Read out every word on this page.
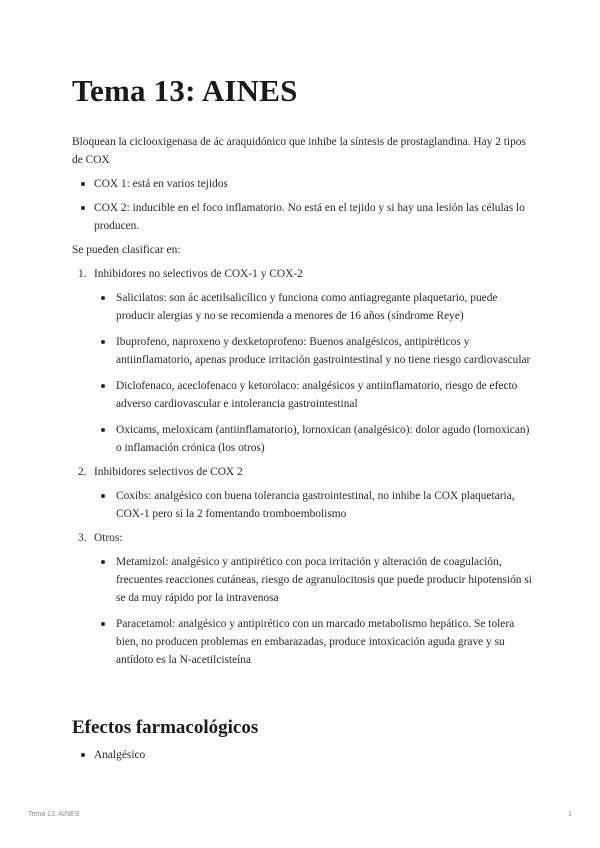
Tema 13: AINES

Bloquean la ciclooxigenasa de ác araquidónico que inhibe la síntesis de prostaglandina. Hay 2 tipos de COX

COX 1: está en varios tejidos
COX 2: inducible en el foco inflamatorio. No está en el tejido y si hay una lesión las células lo producen.

Se pueden clasificar en:

1. Inhibidores no selectivos de COX-1 y COX-2
Salicilatos: son ác acetilsalicílico y funciona como antiagregante plaquetario, puede producir alergias y no se recomienda a menores de 16 años (síndrome Reye)
Ibuprofeno, naproxeno y dexketoprofeno: Buenos analgésicos, antipiréticos y antiinflamatorio, apenas produce irritación gastrointestinal y no tiene riesgo cardiovascular
Diclofenaco, aceclofenaco y ketorolaco: analgésicos y antiinflamatorio, riesgo de efecto adverso cardiovascular e intolerancia gastrointestinal
Oxicams, meloxicam (antiinflamatorio), lornoxican (analgésico): dolor agudo (lornoxican) o inflamación crónica (los otros)
2. Inhibidores selectivos de COX 2
Coxibs: analgésico con buena tolerancia gastrointestinal, no inhibe la COX plaquetaria, COX-1 pero sí la 2 fomentando tromboembolismo
3. Otros:
Metamizol: analgésico y antipirético con poca irritación y alteración de coagulación, frecuentes reacciones cutáneas, riesgo de agranulocitosis que puede producir hipotensión si se da muy rápido por la intravenosa
Paracetamol: analgésico y antipirético con un marcado metabolismo hepático. Se tolera bien, no producen problemas en embarazadas, produce intoxicación aguda grave y su antídoto es la N-acetilcisteína
Efectos farmacológicos
Analgésico
Tema 13: AINES	1
